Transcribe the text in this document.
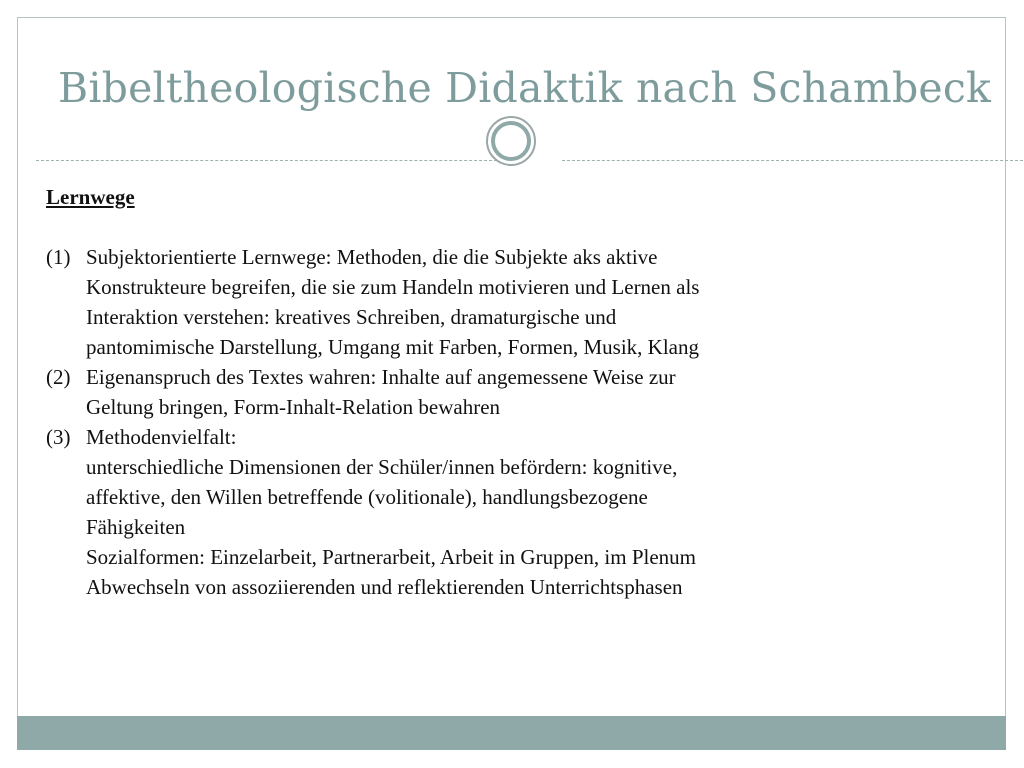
Bibeltheologische Didaktik nach Schambeck
Lernwege
(1) Subjektorientierte Lernwege: Methoden, die die Subjekte aks aktive
Konstrukteure begreifen, die sie zum Handeln motivieren und Lernen als
Interaktion verstehen: kreatives Schreiben, dramaturgische und
pantomimische Darstellung, Umgang mit Farben, Formen, Musik, Klang
(2) Eigenanspruch des Textes wahren: Inhalte auf angemessene Weise zur
Geltung bringen, Form-Inhalt-Relation bewahren
(3) Methodenvielfalt:
unterschiedliche Dimensionen der Schüler/innen befördern: kognitive,
affektive, den Willen betreffende (volitionale), handlungsbezogene
Fähigkeiten
Sozialformen: Einzelarbeit, Partnerarbeit, Arbeit in Gruppen, im Plenum
Abwechseln von assoziierenden und reflektierenden Unterrichtsphasen
